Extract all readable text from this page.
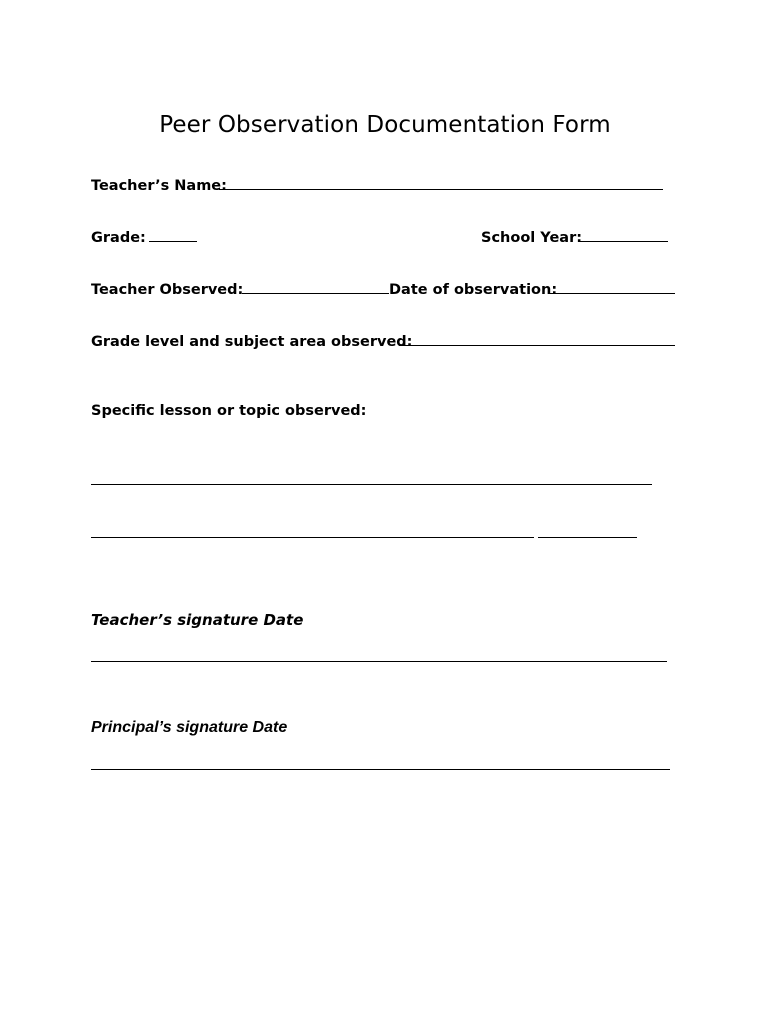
Peer Observation Documentation Form
Teacher’s Name:
Grade:	School Year:
Teacher Observed:	Date of observation:
Grade level and subject area observed:
Specific lesson or topic observed:
Teacher’s signature Date
Principal’s signature Date
